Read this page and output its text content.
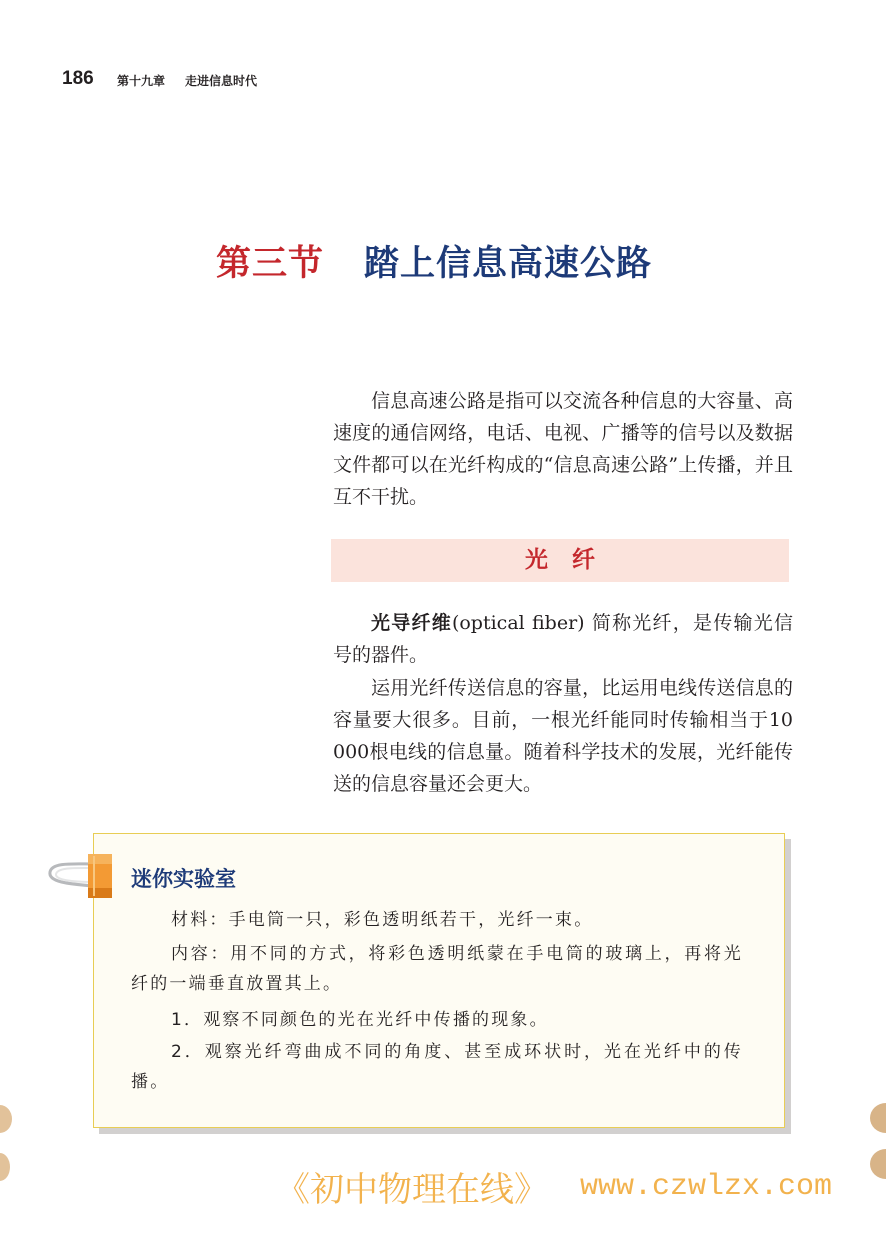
186 第十九章 走进信息时代
第三节 踏上信息高速公路

信息高速公路是指可以交流各种信息的大容量、高速度的通信网络，电话、电视、广播等的信号以及数据文件都可以在光纤构成的“信息高速公路”上传播，并且互不干扰。

光纤

光导纤维(optical fiber) 简称光纤，是传输光信号的器件。

运用光纤传送信息的容量，比运用电线传送信息的容量要大很多。目前，一根光纤能同时传输相当于10 000根电线的信息量。随着科学技术的发展，光纤能传送的信息容量还会更大。

迷你实验室

材料：手电筒一只，彩色透明纸若干，光纤一束。

内容：用不同的方式，将彩色透明纸蒙在手电筒的玻璃上，再将光纤的一端垂直放置其上。

1．观察不同颜色的光在光纤中传播的现象。

2．观察光纤弯曲成不同的角度、甚至成环状时，光在光纤中的传播。

《初中物理在线》 www.czwlzx.com
